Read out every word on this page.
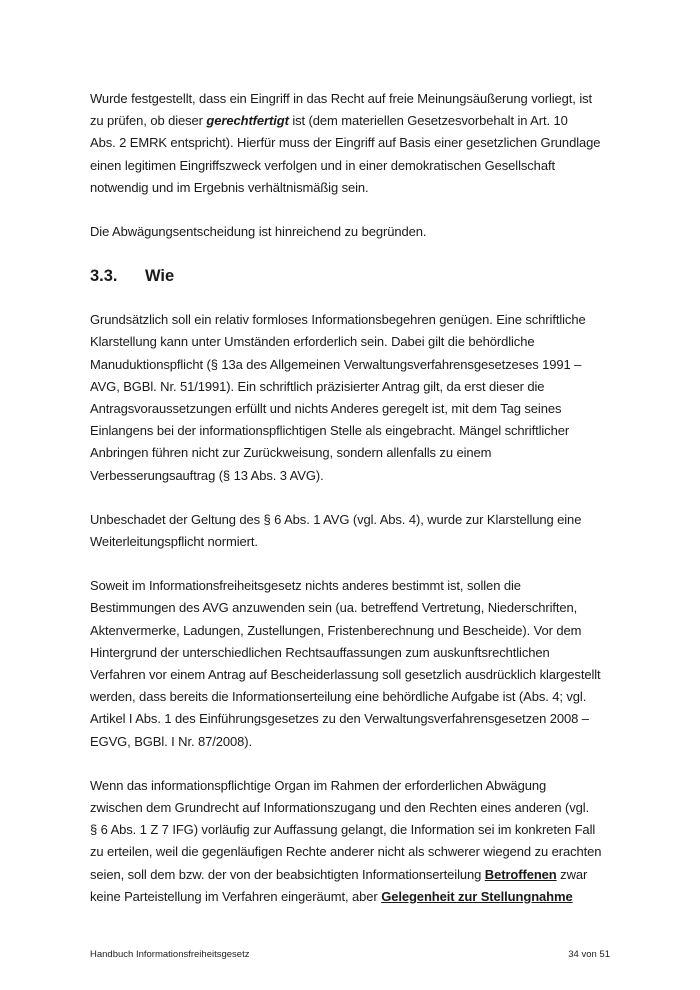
Wurde festgestellt, dass ein Eingriff in das Recht auf freie Meinungsäußerung vorliegt, ist
zu prüfen, ob dieser gerechtfertigt ist (dem materiellen Gesetzesvorbehalt in Art. 10
Abs. 2 EMRK entspricht). Hierfür muss der Eingriff auf Basis einer gesetzlichen Grundlage
einen legitimen Eingriffszweck verfolgen und in einer demokratischen Gesellschaft
notwendig und im Ergebnis verhältnismäßig sein.

Die Abwägungsentscheidung ist hinreichend zu begründen.

3.3. Wie

Grundsätzlich soll ein relativ formloses Informationsbegehren genügen. Eine schriftliche
Klarstellung kann unter Umständen erforderlich sein. Dabei gilt die behördliche
Manuduktionspflicht (§ 13a des Allgemeinen Verwaltungsverfahrensgesetzeses 1991 –
AVG, BGBl. Nr. 51/1991). Ein schriftlich präzisierter Antrag gilt, da erst dieser die
Antragsvoraussetzungen erfüllt und nichts Anderes geregelt ist, mit dem Tag seines
Einlangens bei der informationspflichtigen Stelle als eingebracht. Mängel schriftlicher
Anbringen führen nicht zur Zurückweisung, sondern allenfalls zu einem
Verbesserungsauftrag (§ 13 Abs. 3 AVG).

Unbeschadet der Geltung des § 6 Abs. 1 AVG (vgl. Abs. 4), wurde zur Klarstellung eine
Weiterleitungspflicht normiert.

Soweit im Informationsfreiheitsgesetz nichts anderes bestimmt ist, sollen die
Bestimmungen des AVG anzuwenden sein (ua. betreffend Vertretung, Niederschriften,
Aktenvermerke, Ladungen, Zustellungen, Fristenberechnung und Bescheide). Vor dem
Hintergrund der unterschiedlichen Rechtsauffassungen zum auskunftsrechtlichen
Verfahren vor einem Antrag auf Bescheiderlassung soll gesetzlich ausdrücklich klargestellt
werden, dass bereits die Informationserteilung eine behördliche Aufgabe ist (Abs. 4; vgl.
Artikel I Abs. 1 des Einführungsgesetzes zu den Verwaltungsverfahrensgesetzen 2008 –
EGVG, BGBl. I Nr. 87/2008).

Wenn das informationspflichtige Organ im Rahmen der erforderlichen Abwägung
zwischen dem Grundrecht auf Informationszugang und den Rechten eines anderen (vgl.
§ 6 Abs. 1 Z 7 IFG) vorläufig zur Auffassung gelangt, die Information sei im konkreten Fall
zu erteilen, weil die gegenläufigen Rechte anderer nicht als schwerer wiegend zu erachten
seien, soll dem bzw. der von der beabsichtigten Informationserteilung Betroffenen zwar
keine Parteistellung im Verfahren eingeräumt, aber Gelegenheit zur Stellungnahme

Handbuch Informationsfreiheitsgesetz	34 von 51
